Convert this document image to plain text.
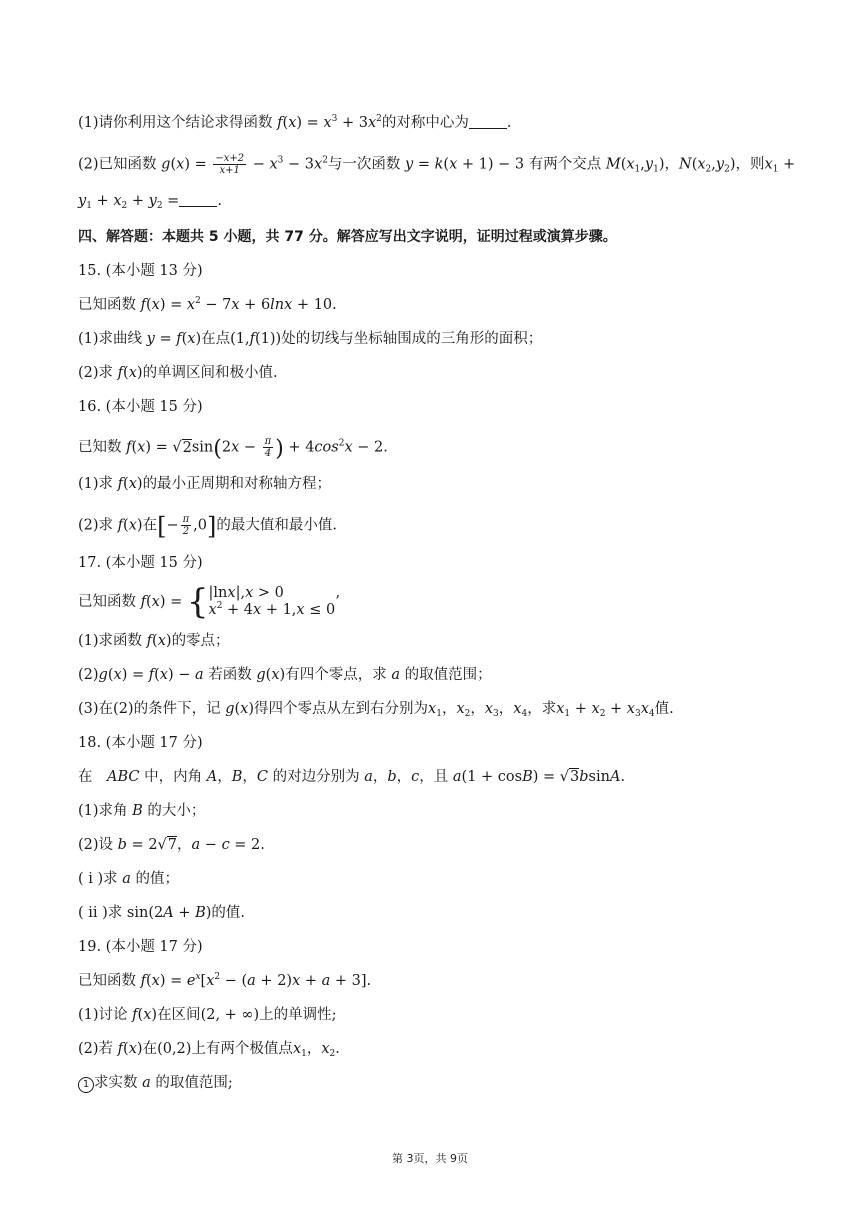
(1)请你利用这个结论求得函数 $f(x) = x^3 + 3x^2$的对称中心为	.
(2)已知函数 $g(x) = \frac{-x+2}{x+1} - x^3 - 3x^2$与一次函数 y = k(x + 1) − 3 有两个交点 $M(x_1,y_1)$，$N(x_2,y_2)$，则$x_1$ +
$y_1 + x_2 + y_2$ =	.
四、解答题：本题共 5 小题，共 77 分。解答应写出文字说明，证明过程或演算步骤。
15. (本小题 13 分)
已知函数 $f(x) = x^2 - 7x + 6\ln x + 10$.
(1)求曲线 y = f(x)在点(1,f(1))处的切线与坐标轴围成的三角形的面积；
(2)求 f(x)的单调区间和极小值.
16. (本小题 15 分)
已知数 $f(x) = √2\sin(2x - \frac{\pi}{4}$ ) + $4\cos^2x - 2$.
(1)求 f(x)的最小正周期和对称轴方程；
(2)求 f(x)在[− $\frac{\pi}{2} ,0$]的最大值和最小值.
17. (本小题 15 分)
已知函数 f(x) = { |lnx|,x > 0
$x^2 + 4x + 1,x \le 0$ ’
(1)求函数 f(x)的零点；
(2)g(x) = f(x) − a 若函数 g(x)有四个零点，求 a 的取值范围；
(3)在(2)的条件下，记 g(x)得四个零点从左到右分别为$x_1$，$x_2$，$x_3$，$x_4$，求$x_1 + x_2 + x_3x_4$值.
18. (本小题 17 分)
在　ABC 中，内角 A，B，C 的对边分别为 a，b，c，且 a(1 + cosB) = √3bsinA.
(1)求角 B 的大小；
(2)设 b = 2√7，a − c = 2.
( ⅰ )求 a 的值；
( ⅱ )求 sin(2A + B)的值.
19. (本小题 17 分)
已知函数 $f(x) = e^x[x^2 - (a + 2)x + a + 3]$.
(1)讨论 f(x)在区间(2, + ∞)上的单调性;
(2)若 f(x)在(0,2)上有两个极值点$x_1$，$x_2$.
1 求实数 a 的取值范围;
第 3页，共 9页
